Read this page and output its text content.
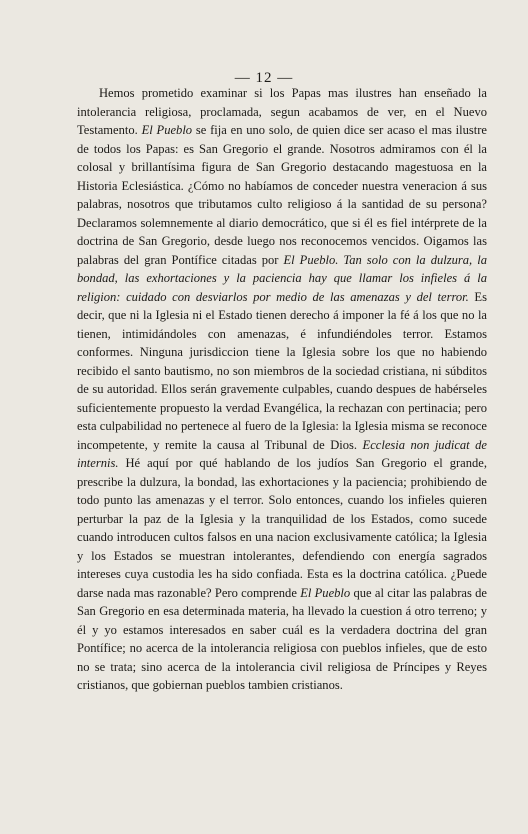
— 12 —

Hemos prometido examinar si los Papas mas ilustres han enseñado la intolerancia religiosa, proclamada, segun acabamos de ver, en el Nuevo Testamento. El Pueblo se fija en uno solo, de quien dice ser acaso el mas ilustre de todos los Papas: es San Gregorio el grande. Nosotros admiramos con él la colosal y brillantísima figura de San Gregorio destacando magestuosa en la Historia Eclesiástica. ¿Cómo no habíamos de conceder nuestra veneracion á sus palabras, nosotros que tributamos culto religioso á la santidad de su persona? Declaramos solemnemente al diario democrático, que si él es fiel intérprete de la doctrina de San Gregorio, desde luego nos reconocemos vencidos. Oigamos las palabras del gran Pontífice citadas por El Pueblo. Tan solo con la dulzura, la bondad, las exhortaciones y la paciencia hay que llamar los infieles á la religion: cuidado con desviarlos por medio de las amenazas y del terror. Es decir, que ni la Iglesia ni el Estado tienen derecho á imponer la fé á los que no la tienen, intimidándoles con amenazas, é infundiéndoles terror. Estamos conformes. Ninguna jurisdiccion tiene la Iglesia sobre los que no habiendo recibido el santo bautismo, no son miembros de la sociedad cristiana, ni súbditos de su autoridad. Ellos serán gravemente culpables, cuando despues de habérseles suficientemente propuesto la verdad Evangélica, la rechazan con pertinacia; pero esta culpabilidad no pertenece al fuero de la Iglesia: la Iglesia misma se reconoce incompetente, y remite la causa al Tribunal de Dios. Ecclesia non judicat de internis. Hé aquí por qué hablando de los judíos San Gregorio el grande, prescribe la dulzura, la bondad, las exhortaciones y la paciencia; prohibiendo de todo punto las amenazas y el terror. Solo entonces, cuando los infieles quieren perturbar la paz de la Iglesia y la tranquilidad de los Estados, como sucede cuando introducen cultos falsos en una nacion exclusivamente católica; la Iglesia y los Estados se muestran intolerantes, defendiendo con energía sagrados intereses cuya custodia les ha sido confiada. Esta es la doctrina católica. ¿Puede darse nada mas razonable? Pero comprende El Pueblo que al citar las palabras de San Gregorio en esa determinada materia, ha llevado la cuestion á otro terreno; y él y yo estamos interesados en saber cuál es la verdadera doctrina del gran Pontífice; no acerca de la intolerancia religiosa con pueblos infieles, que de esto no se trata; sino acerca de la intolerancia civil religiosa de Príncipes y Reyes cristianos, que gobiernan pueblos tambien cristianos.
